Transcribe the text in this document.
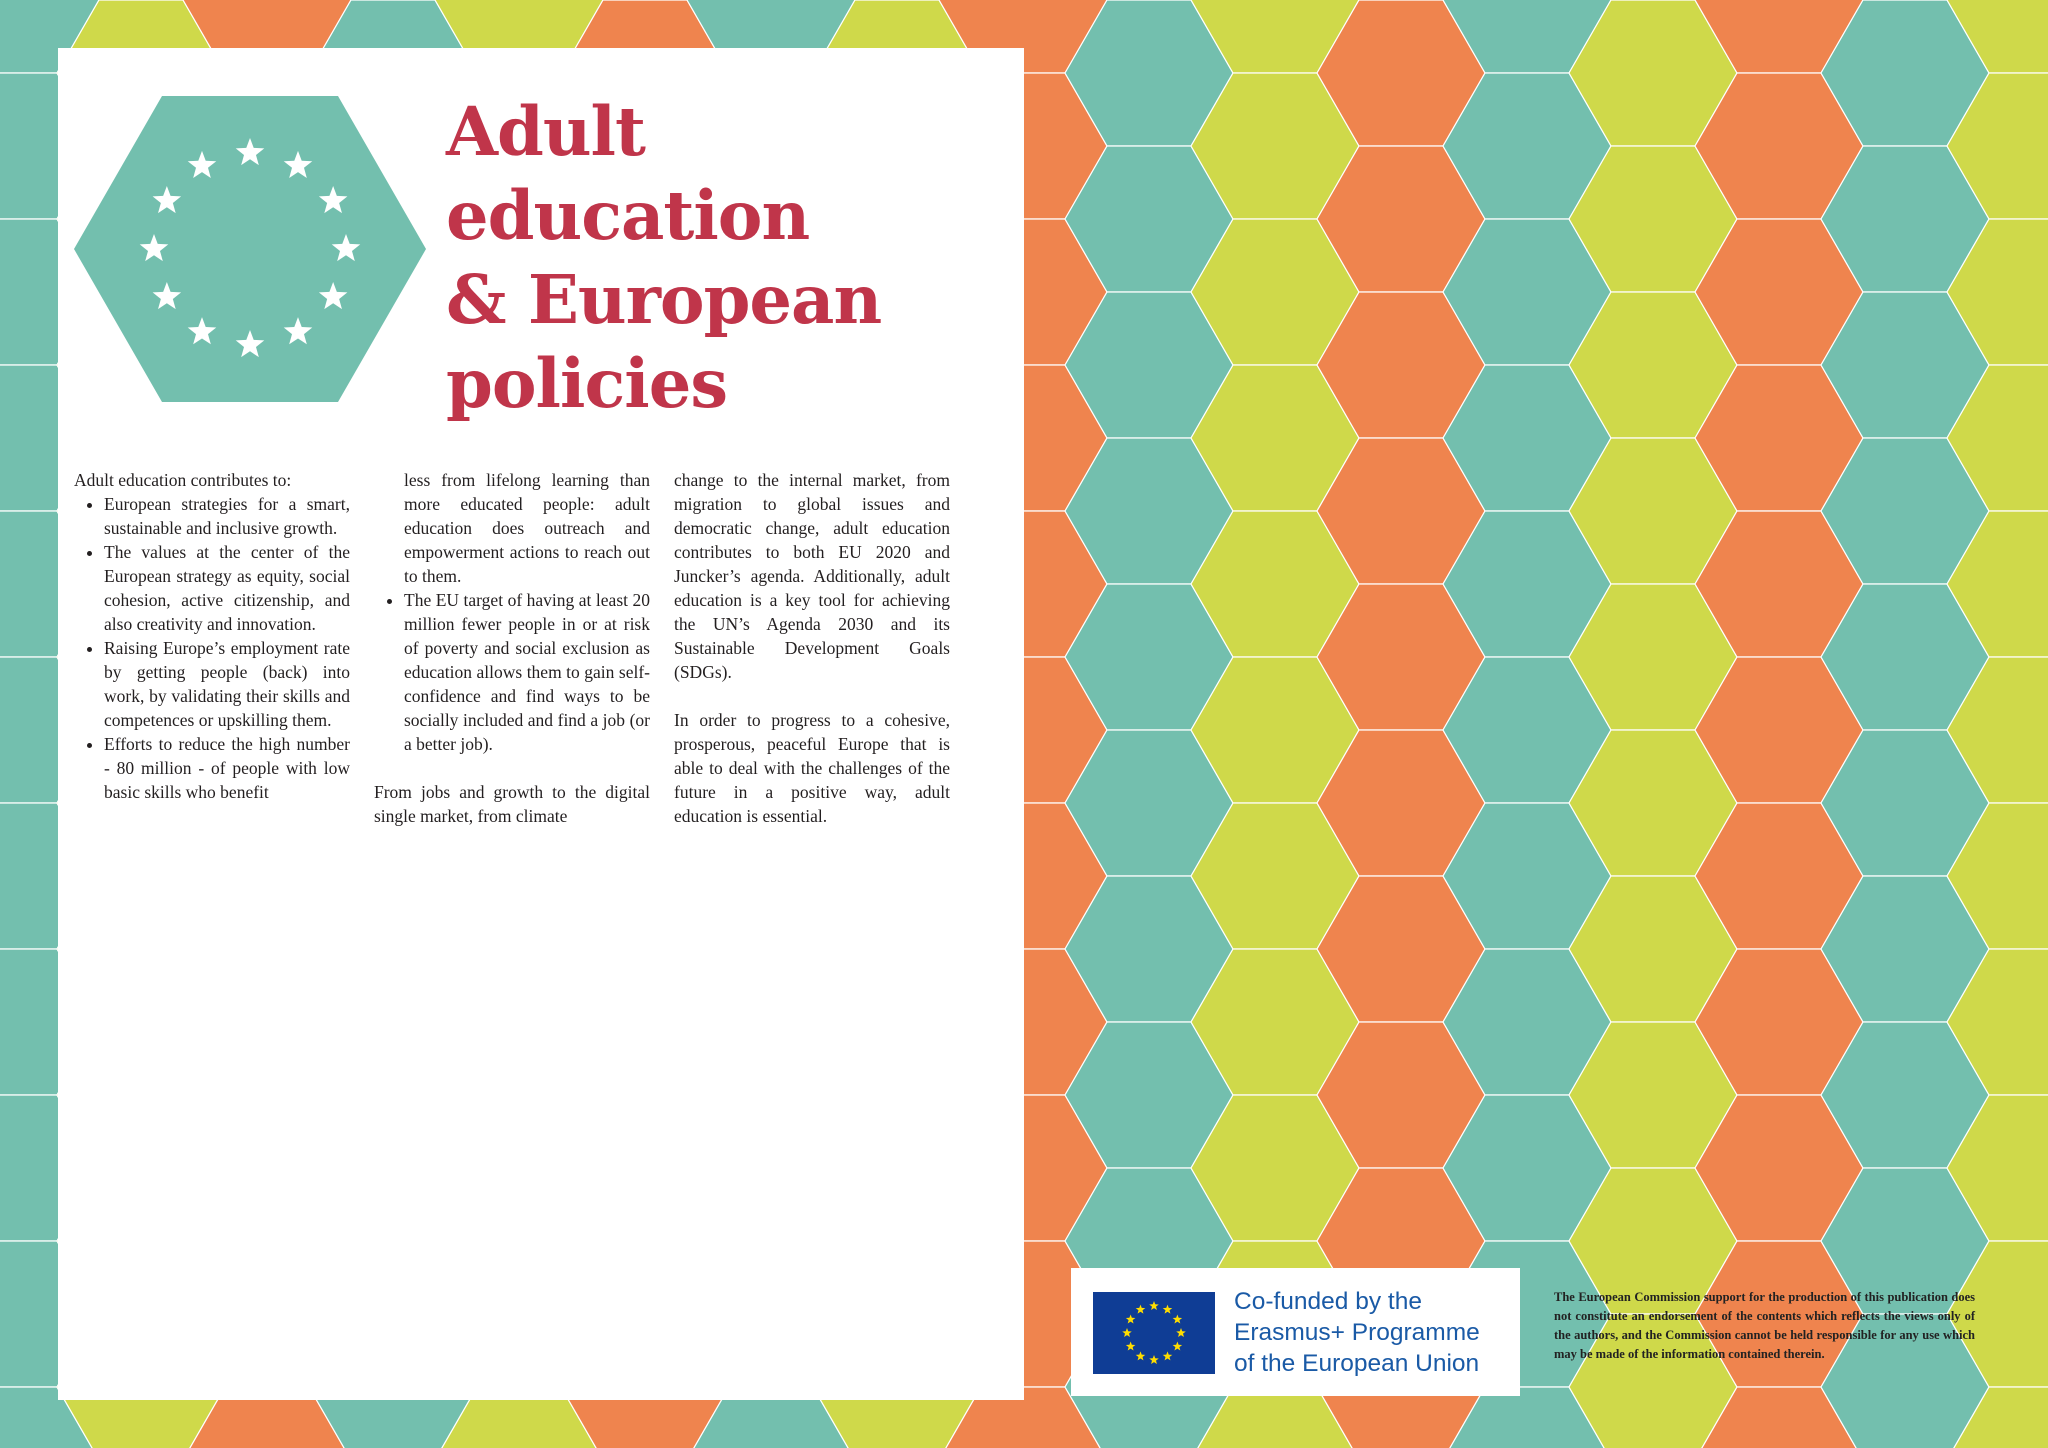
Adult
education
& European
policies

Adult education contributes to:

• European strategies for a smart, sustainable and inclusive growth.
• The values at the center of the European strategy as equity, social cohesion, active citizenship, and also creativity and innovation.
• Raising Europe’s employment rate by getting people (back) into work, by validating their skills and competences or upskilling them.
• Efforts to reduce the high number - 80 million - of people with low basic skills who benefit

less from lifelong learning than more educated people: adult education does outreach and empowerment actions to reach out to them.

• The EU target of having at least 20 million fewer people in or at risk of poverty and social exclusion as education allows them to gain self-confidence and find ways to be socially included and find a job (or a better job).

From jobs and growth to the digital single market, from climate

change to the internal market, from migration to global issues and democratic change, adult education contributes to both EU 2020 and Juncker’s agenda. Additionally, adult education is a key tool for achieving the UN’s Agenda 2030 and its Sustainable Development Goals (SDGs).

In order to progress to a cohesive, prosperous, peaceful Europe that is able to deal with the challenges of the future in a positive way, adult education is essential.

Co-funded by the
Erasmus+ Programme
of the European Union
The European Commission support for the production of this publication does not constitute an endorsement of the contents which reflects the views only of the authors, and the Commission cannot be held responsible for any use which may be made of the information contained therein.
